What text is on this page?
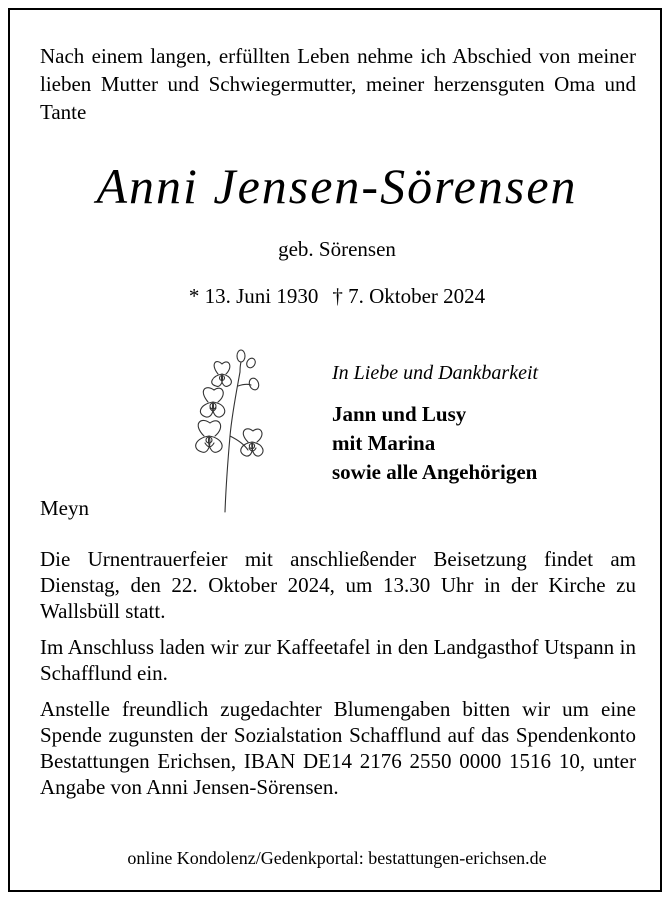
Nach einem langen, erfüllten Leben nehme ich Abschied von meiner lieben Mutter und Schwiegermutter, meiner herzensguten Oma und Tante
Anni Jensen-Sörensen
geb. Sörensen
* 13. Juni 1930 † 7. Oktober 2024
In Liebe und Dankbarkeit
Jann und Lusy
mit Marina
sowie alle Angehörigen
Meyn
Die Urnentrauerfeier mit anschließender Beisetzung findet am Dienstag, den 22. Oktober 2024, um 13.30 Uhr in der Kirche zu Wallsbüll statt.
Im Anschluss laden wir zur Kaffeetafel in den Landgasthof Utspann in Schafflund ein.
Anstelle freundlich zugedachter Blumengaben bitten wir um eine Spende zugunsten der Sozialstation Schafflund auf das Spendenkonto Bestattungen Erichsen, IBAN DE14 2176 2550 0000 1516 10, unter Angabe von Anni Jensen-Sörensen.
online Kondolenz/Gedenkportal: bestattungen-erichsen.de
